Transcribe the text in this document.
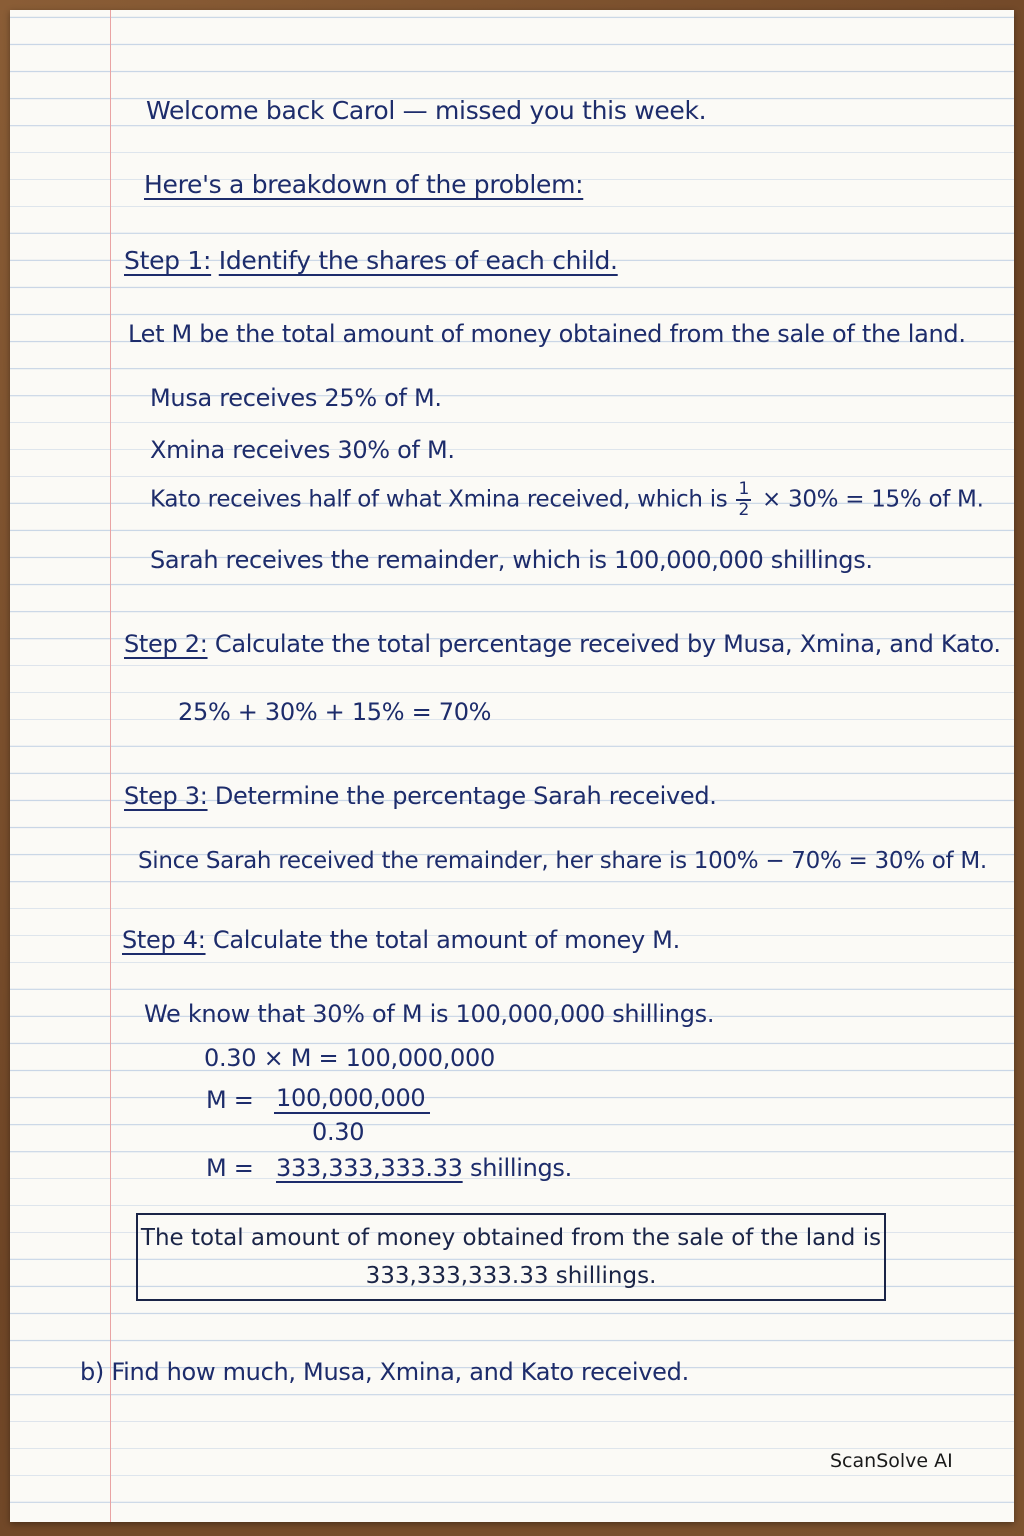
Welcome back Carol — missed you this week.
Here's a breakdown of the problem:
Step 1: Identify the shares of each child.
Let M be the total amount of money obtained from the sale of the land.
Musa receives 25% of M.
Xmina receives 30% of M.
Kato receives half of what Xmina received, which is $\frac{1}{2} \times 30\% = 15\%$ of M.
Sarah receives the remainder, which is 100,000,000 shillings.
Step 2: Calculate the total percentage received by Musa, Xmina, and Kato.
25% + 30% + 15% = 70%
Step 3: Determine the percentage Sarah received.
Since Sarah received the remainder, her share is 100% − 70% = 30% of M.
Step 4: Calculate the total amount of money M.
We know that 30% of M is 100,000,000 shillings.
0.30 × M = 100,000,000
M = 100,000,000
0.30
M = 333,333,333.33 shillings.
The total amount of money obtained from the sale of the land is
333,333,333.33 shillings.
b) Find how much, Musa, Xmina, and Kato received.
ScanSolve AI
